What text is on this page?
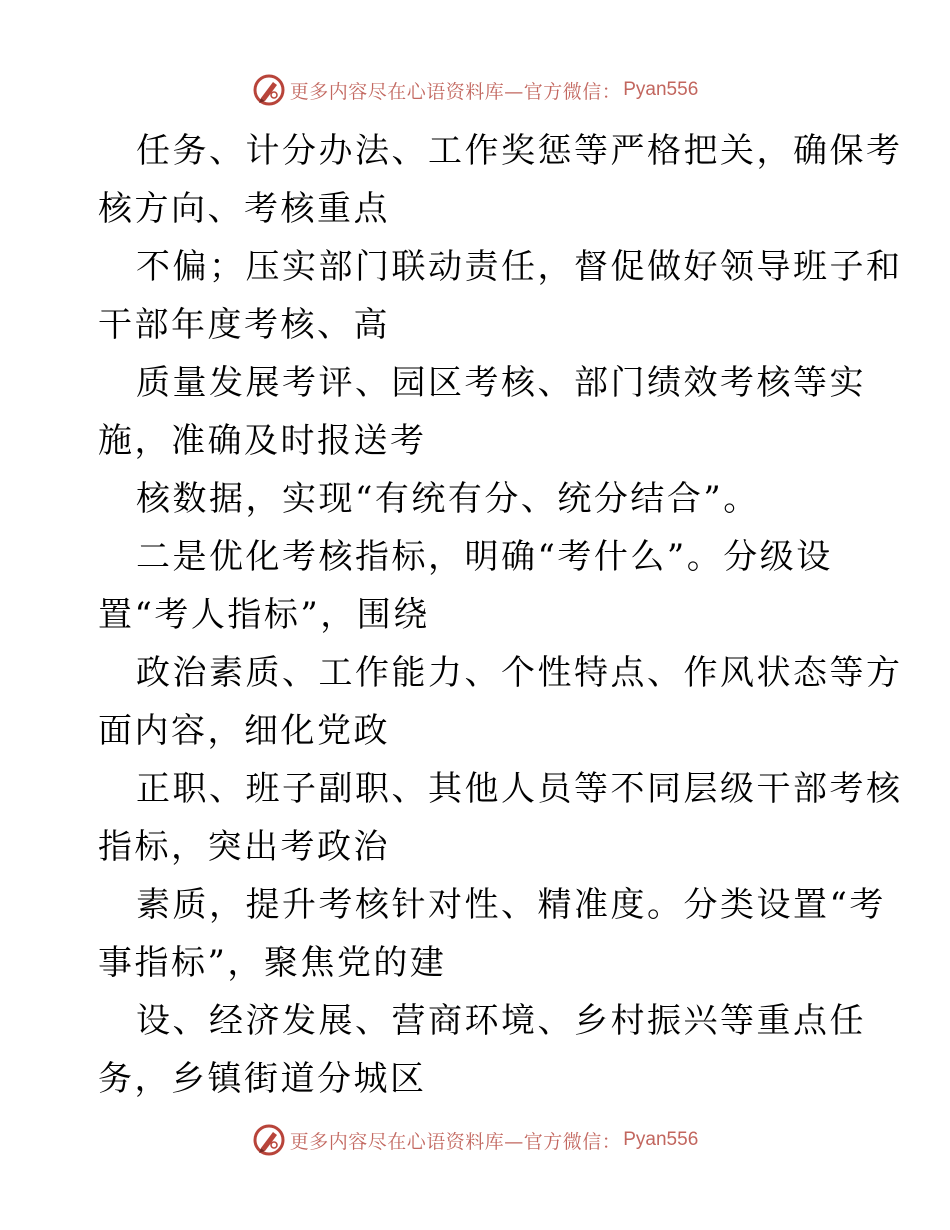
更多内容尽在心语资料库—官方微信： Pyan556
任务、计分办法、工作奖惩等严格把关，确保考
核方向、考核重点
不偏；压实部门联动责任，督促做好领导班子和
干部年度考核、高
质量发展考评、园区考核、部门绩效考核等实
施，准确及时报送考
核数据，实现“有统有分、统分结合”。
二是优化考核指标，明确“考什么”。分级设
置“考人指标”，围绕
政治素质、工作能力、个性特点、作风状态等方
面内容，细化党政
正职、班子副职、其他人员等不同层级干部考核
指标，突出考政治
素质，提升考核针对性、精准度。分类设置“考
事指标”，聚焦党的建
设、经济发展、营商环境、乡村振兴等重点任
务，乡镇街道分城区
更多内容尽在心语资料库—官方微信： Pyan556
